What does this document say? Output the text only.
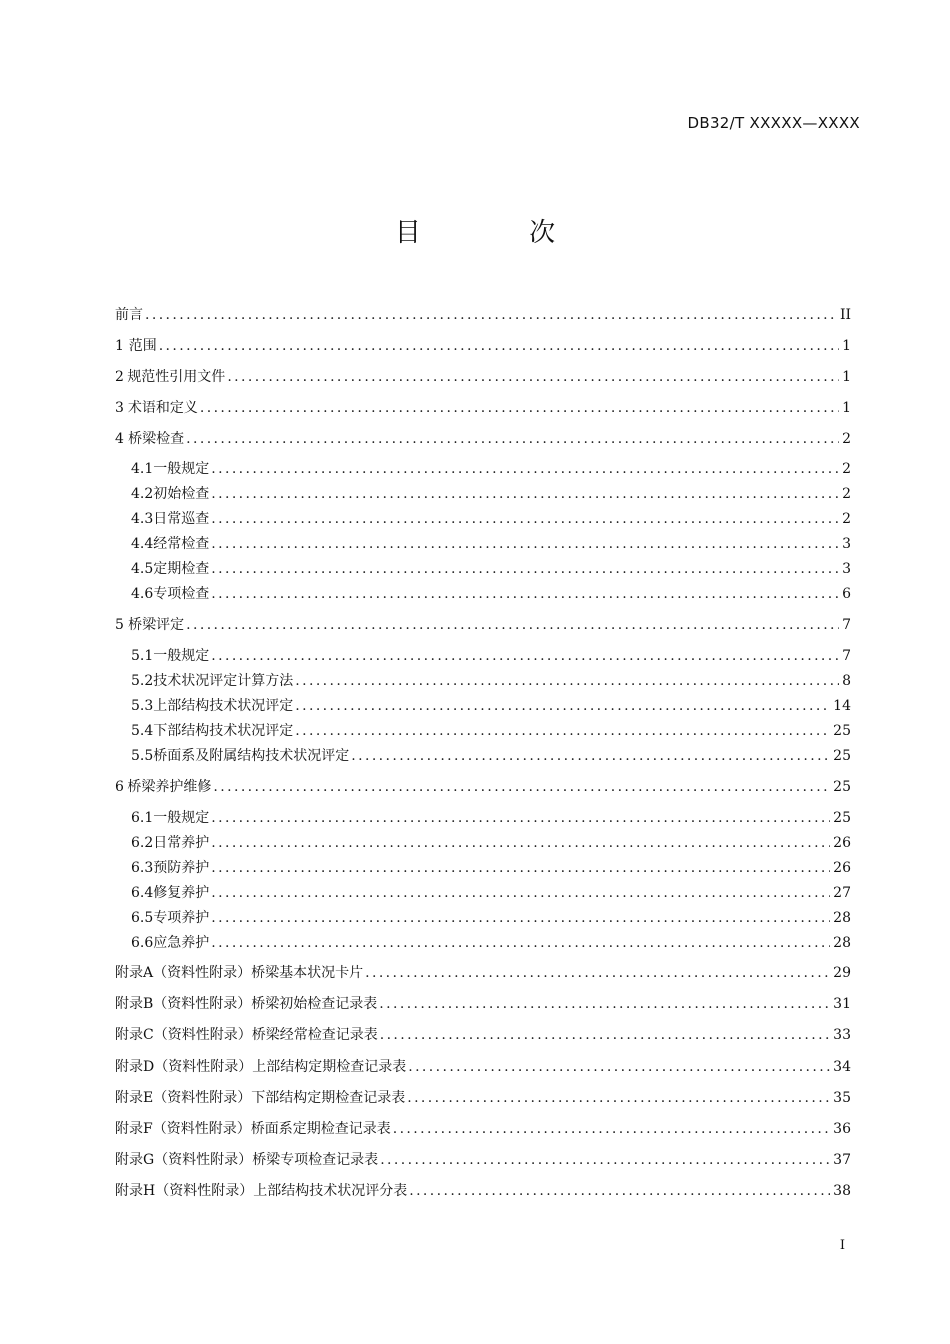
DB32/T XXXXX—XXXX
目 次
前言 .....	II
1 范围 .....	1
2 规范性引用文件 .....	1
3 术语和定义 .....	1
4 桥梁检查 .....	2
4.1 一般规定 .....	2
4.2 初始检查 .....	2
4.3 日常巡查 .....	2
4.4 经常检查 .....	3
4.5 定期检查 .....	3
4.6 专项检查 .....	6
5 桥梁评定 .....	7
5.1 一般规定 .....	7
5.2 技术状况评定计算方法 .....	8
5.3 上部结构技术状况评定 .....	14
5.4 下部结构技术状况评定 .....	25
5.5 桥面系及附属结构技术状况评定 .....	25
6 桥梁养护维修 .....	25
6.1 一般规定 .....	25
6.2 日常养护 .....	26
6.3 预防养护 .....	26
6.4 修复养护 .....	27
6.5 专项养护 .....	28
6.6 应急养护 .....	28
附录A（资料性附录） 桥梁基本状况卡片 .....	29
附录B（资料性附录） 桥梁初始检查记录表 .....	31
附录C（资料性附录） 桥梁经常检查记录表 .....	33
附录D（资料性附录） 上部结构定期检查记录表 .....	34
附录E（资料性附录） 下部结构定期检查记录表 .....	35
附录F（资料性附录） 桥面系定期检查记录表 .....	36
附录G（资料性附录） 桥梁专项检查记录表 .....	37
附录H（资料性附录） 上部结构技术状况评分表 .....	38
I
